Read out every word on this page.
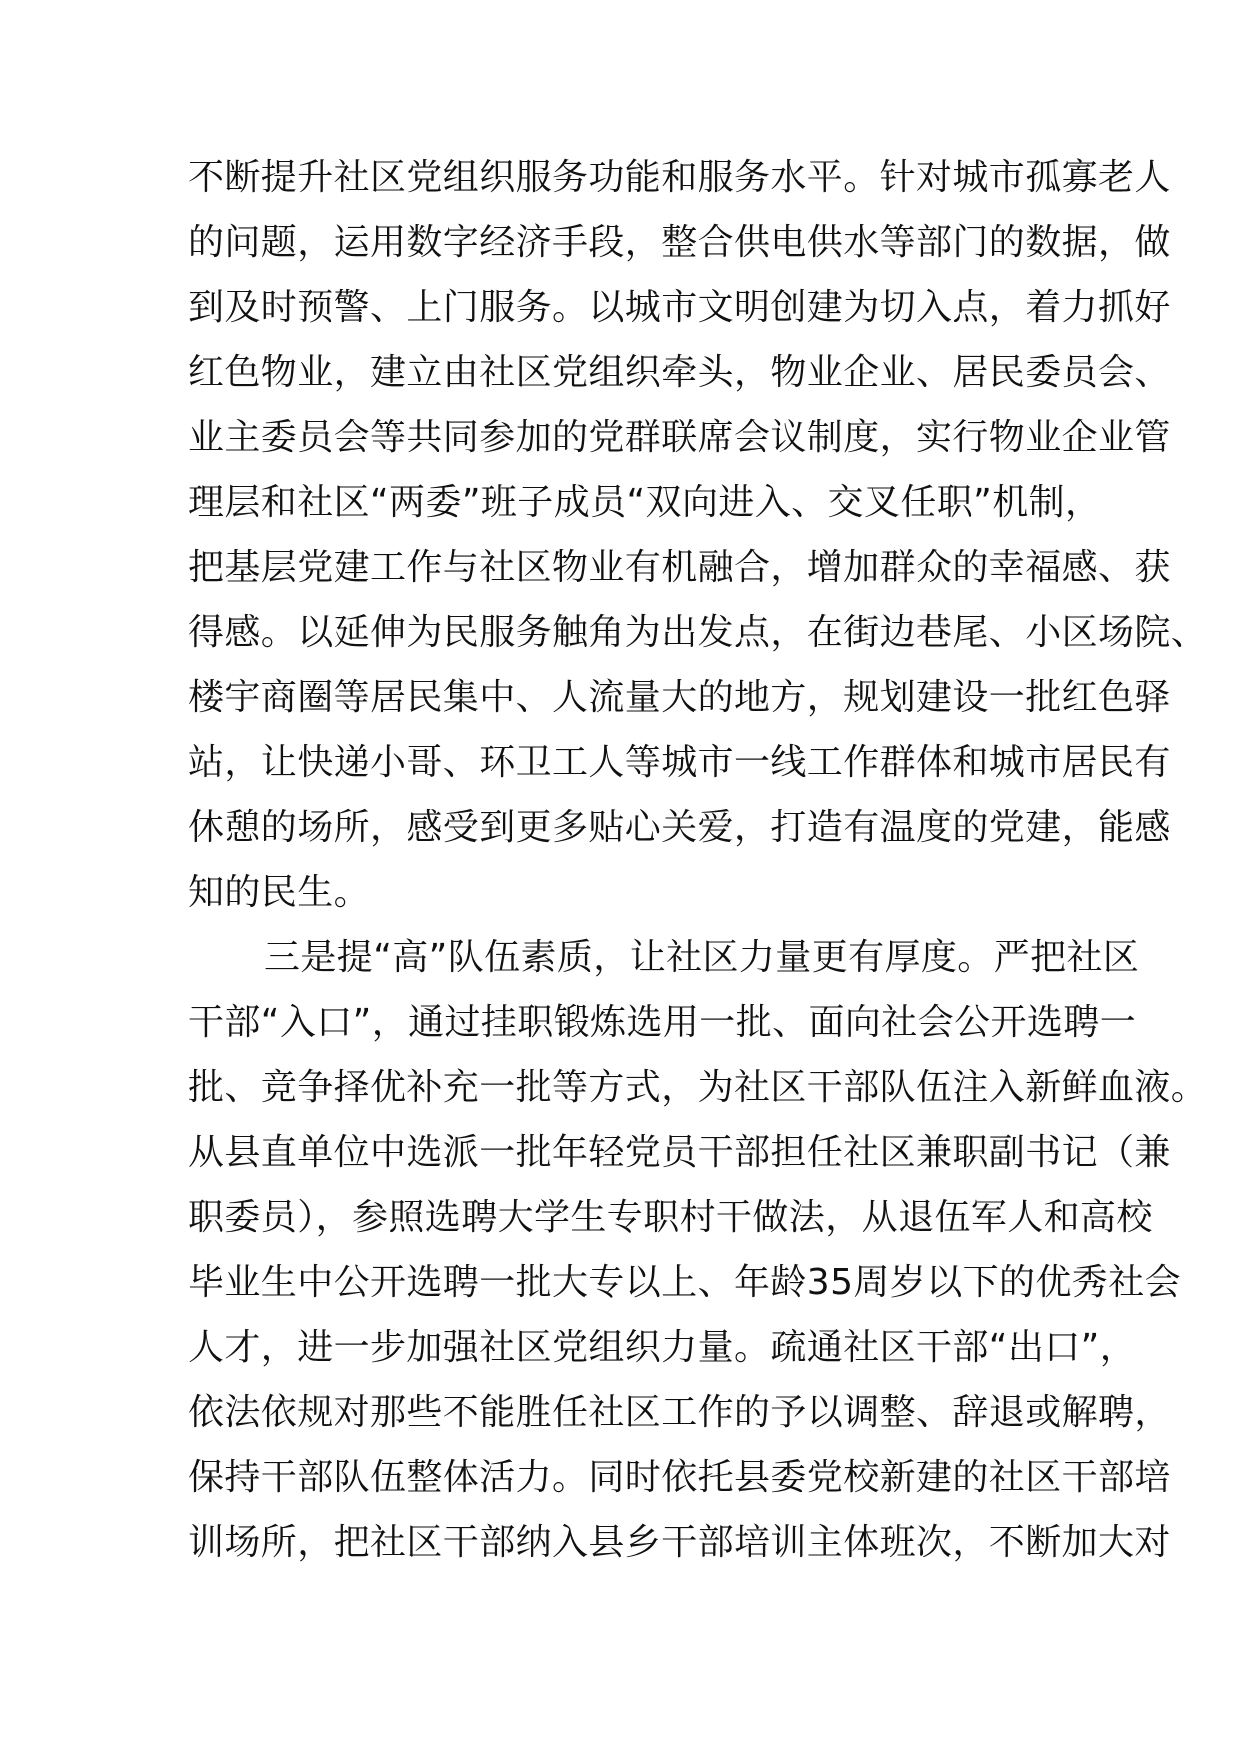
不断提升社区党组织服务功能和服务水平。针对城市孤寡老人
的问题，运用数字经济手段，整合供电供水等部门的数据，做
到及时预警、上门服务。以城市文明创建为切入点，着力抓好
红色物业，建立由社区党组织牵头，物业企业、居民委员会、
业主委员会等共同参加的党群联席会议制度，实行物业企业管
理层和社区“两委”班子成员“双向进入、交叉任职”机制，
把基层党建工作与社区物业有机融合，增加群众的幸福感、获
得感。以延伸为民服务触角为出发点，在街边巷尾、小区场院、
楼宇商圈等居民集中、人流量大的地方，规划建设一批红色驿
站，让快递小哥、环卫工人等城市一线工作群体和城市居民有
休憩的场所，感受到更多贴心关爱，打造有温度的党建，能感
知的民生。
三是提“高”队伍素质，让社区力量更有厚度。严把社区
干部“入口”，通过挂职锻炼选用一批、面向社会公开选聘一
批、竞争择优补充一批等方式，为社区干部队伍注入新鲜血液。
从县直单位中选派一批年轻党员干部担任社区兼职副书记（兼
职委员），参照选聘大学生专职村干做法，从退伍军人和高校
毕业生中公开选聘一批大专以上、年龄35周岁以下的优秀社会
人才，进一步加强社区党组织力量。疏通社区干部“出口”，
依法依规对那些不能胜任社区工作的予以调整、辞退或解聘，
保持干部队伍整体活力。同时依托县委党校新建的社区干部培
训场所，把社区干部纳入县乡干部培训主体班次，不断加大对
